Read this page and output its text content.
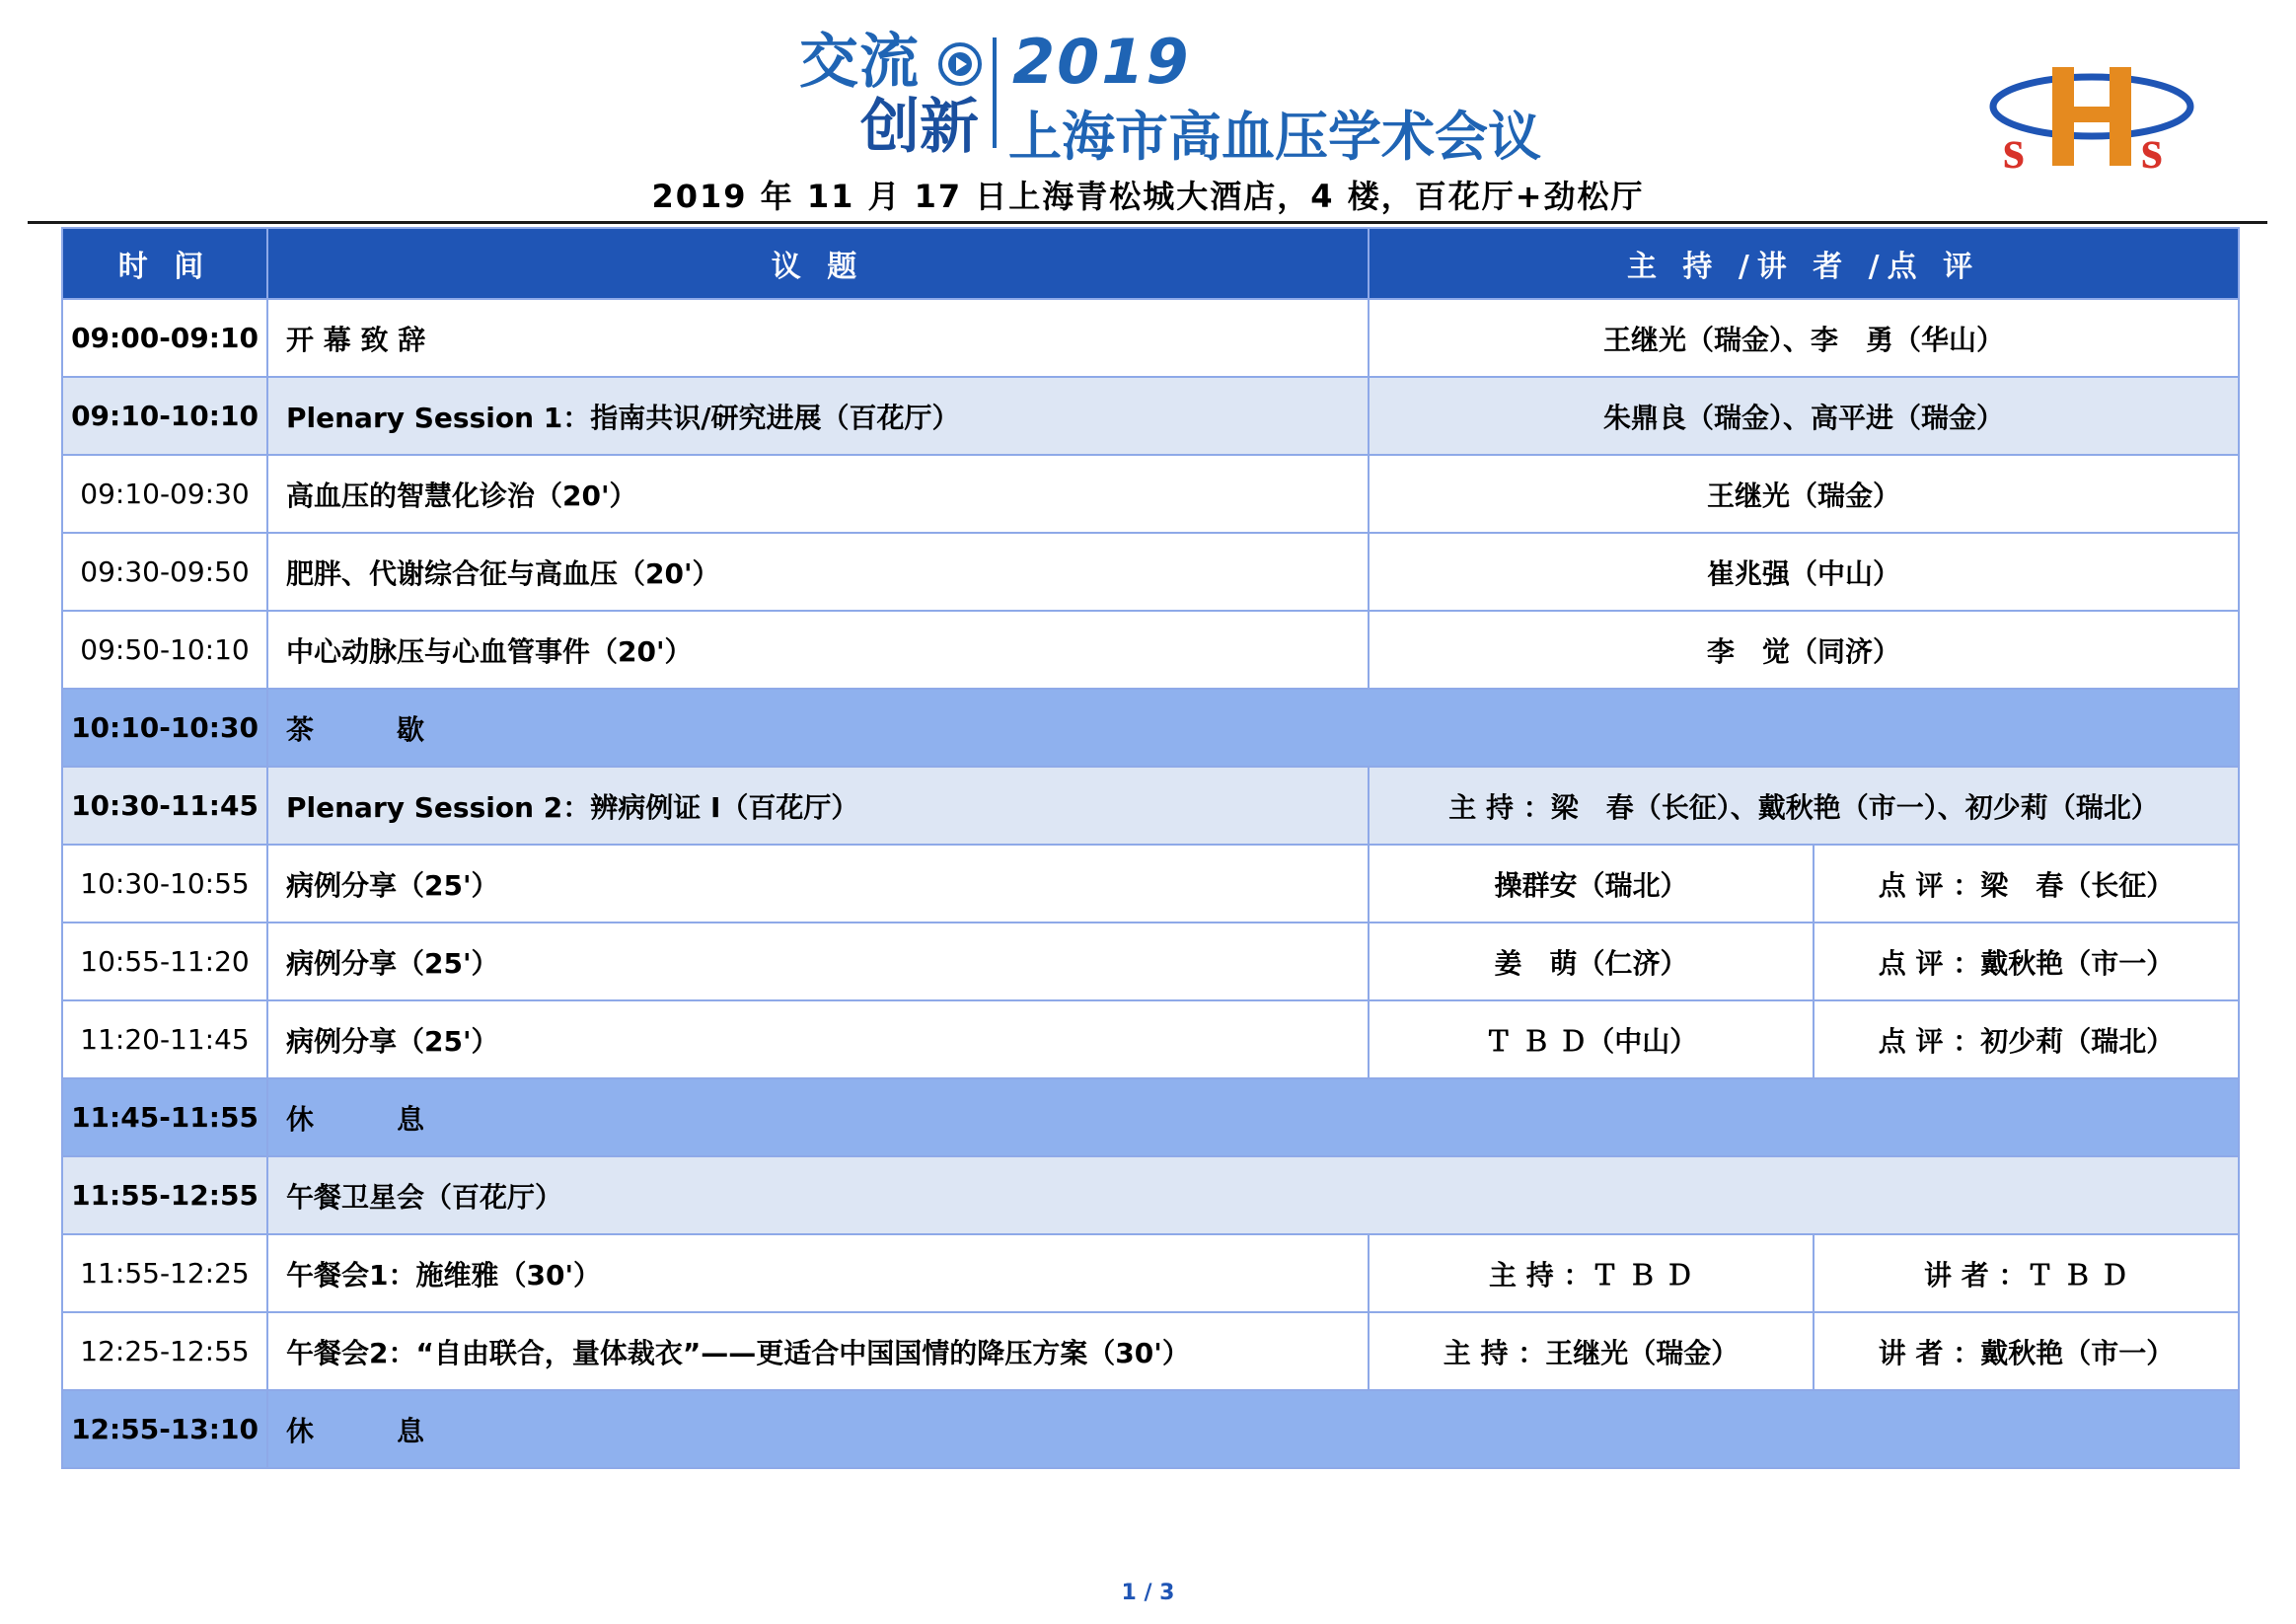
交流
创新
2019
上海市高血压学术会议	s s
2019 年 11 月 17 日上海青松城大酒店，4 楼，百花厅+劲松厅
时 间	议 题	主 持 /讲 者 /点 评	
09:00-09:10	开 幕 致 辞	王继光（瑞金）、李　勇（华山）	
09:10-10:10	Plenary Session 1：指南共识/研究进展（百花厅）	朱鼎良（瑞金）、高平进（瑞金）	
09:10-09:30	高血压的智慧化诊治（20'）	王继光（瑞金）	
09:30-09:50	肥胖、代谢综合征与高血压（20'）	崔兆强（中山）	
09:50-10:10	中心动脉压与心血管事件（20'）	李　觉（同济）	
10:10-10:30	茶　　　歇		
10:30-11:45	Plenary Session 2：辨病例证 I（百花厅）	主 持 ：梁　春（长征）、戴秋艳（市一）、初少莉（瑞北）	
10:30-10:55	病例分享（25'）	操群安（瑞北）	点 评 ：梁　春（长征）
10:55-11:20	病例分享（25'）	姜　萌（仁济）	点 评 ：戴秋艳（市一）
11:20-11:45	病例分享（25'）	Ｔ Ｂ Ｄ（中山）	点 评 ：初少莉（瑞北）
11:45-11:55	休　　　息		
11:55-12:55	午餐卫星会（百花厅）		
11:55-12:25	午餐会1：施维雅（30'）	主 持 ：Ｔ Ｂ Ｄ	讲 者 ：Ｔ Ｂ Ｄ
12:25-12:55	午餐会2：“自由联合，量体裁衣”——更适合中国国情的降压方案（30'）	主 持 ：王继光（瑞金）	讲 者 ：戴秋艳（市一）
12:55-13:10	休　　　息		
1 / 3
